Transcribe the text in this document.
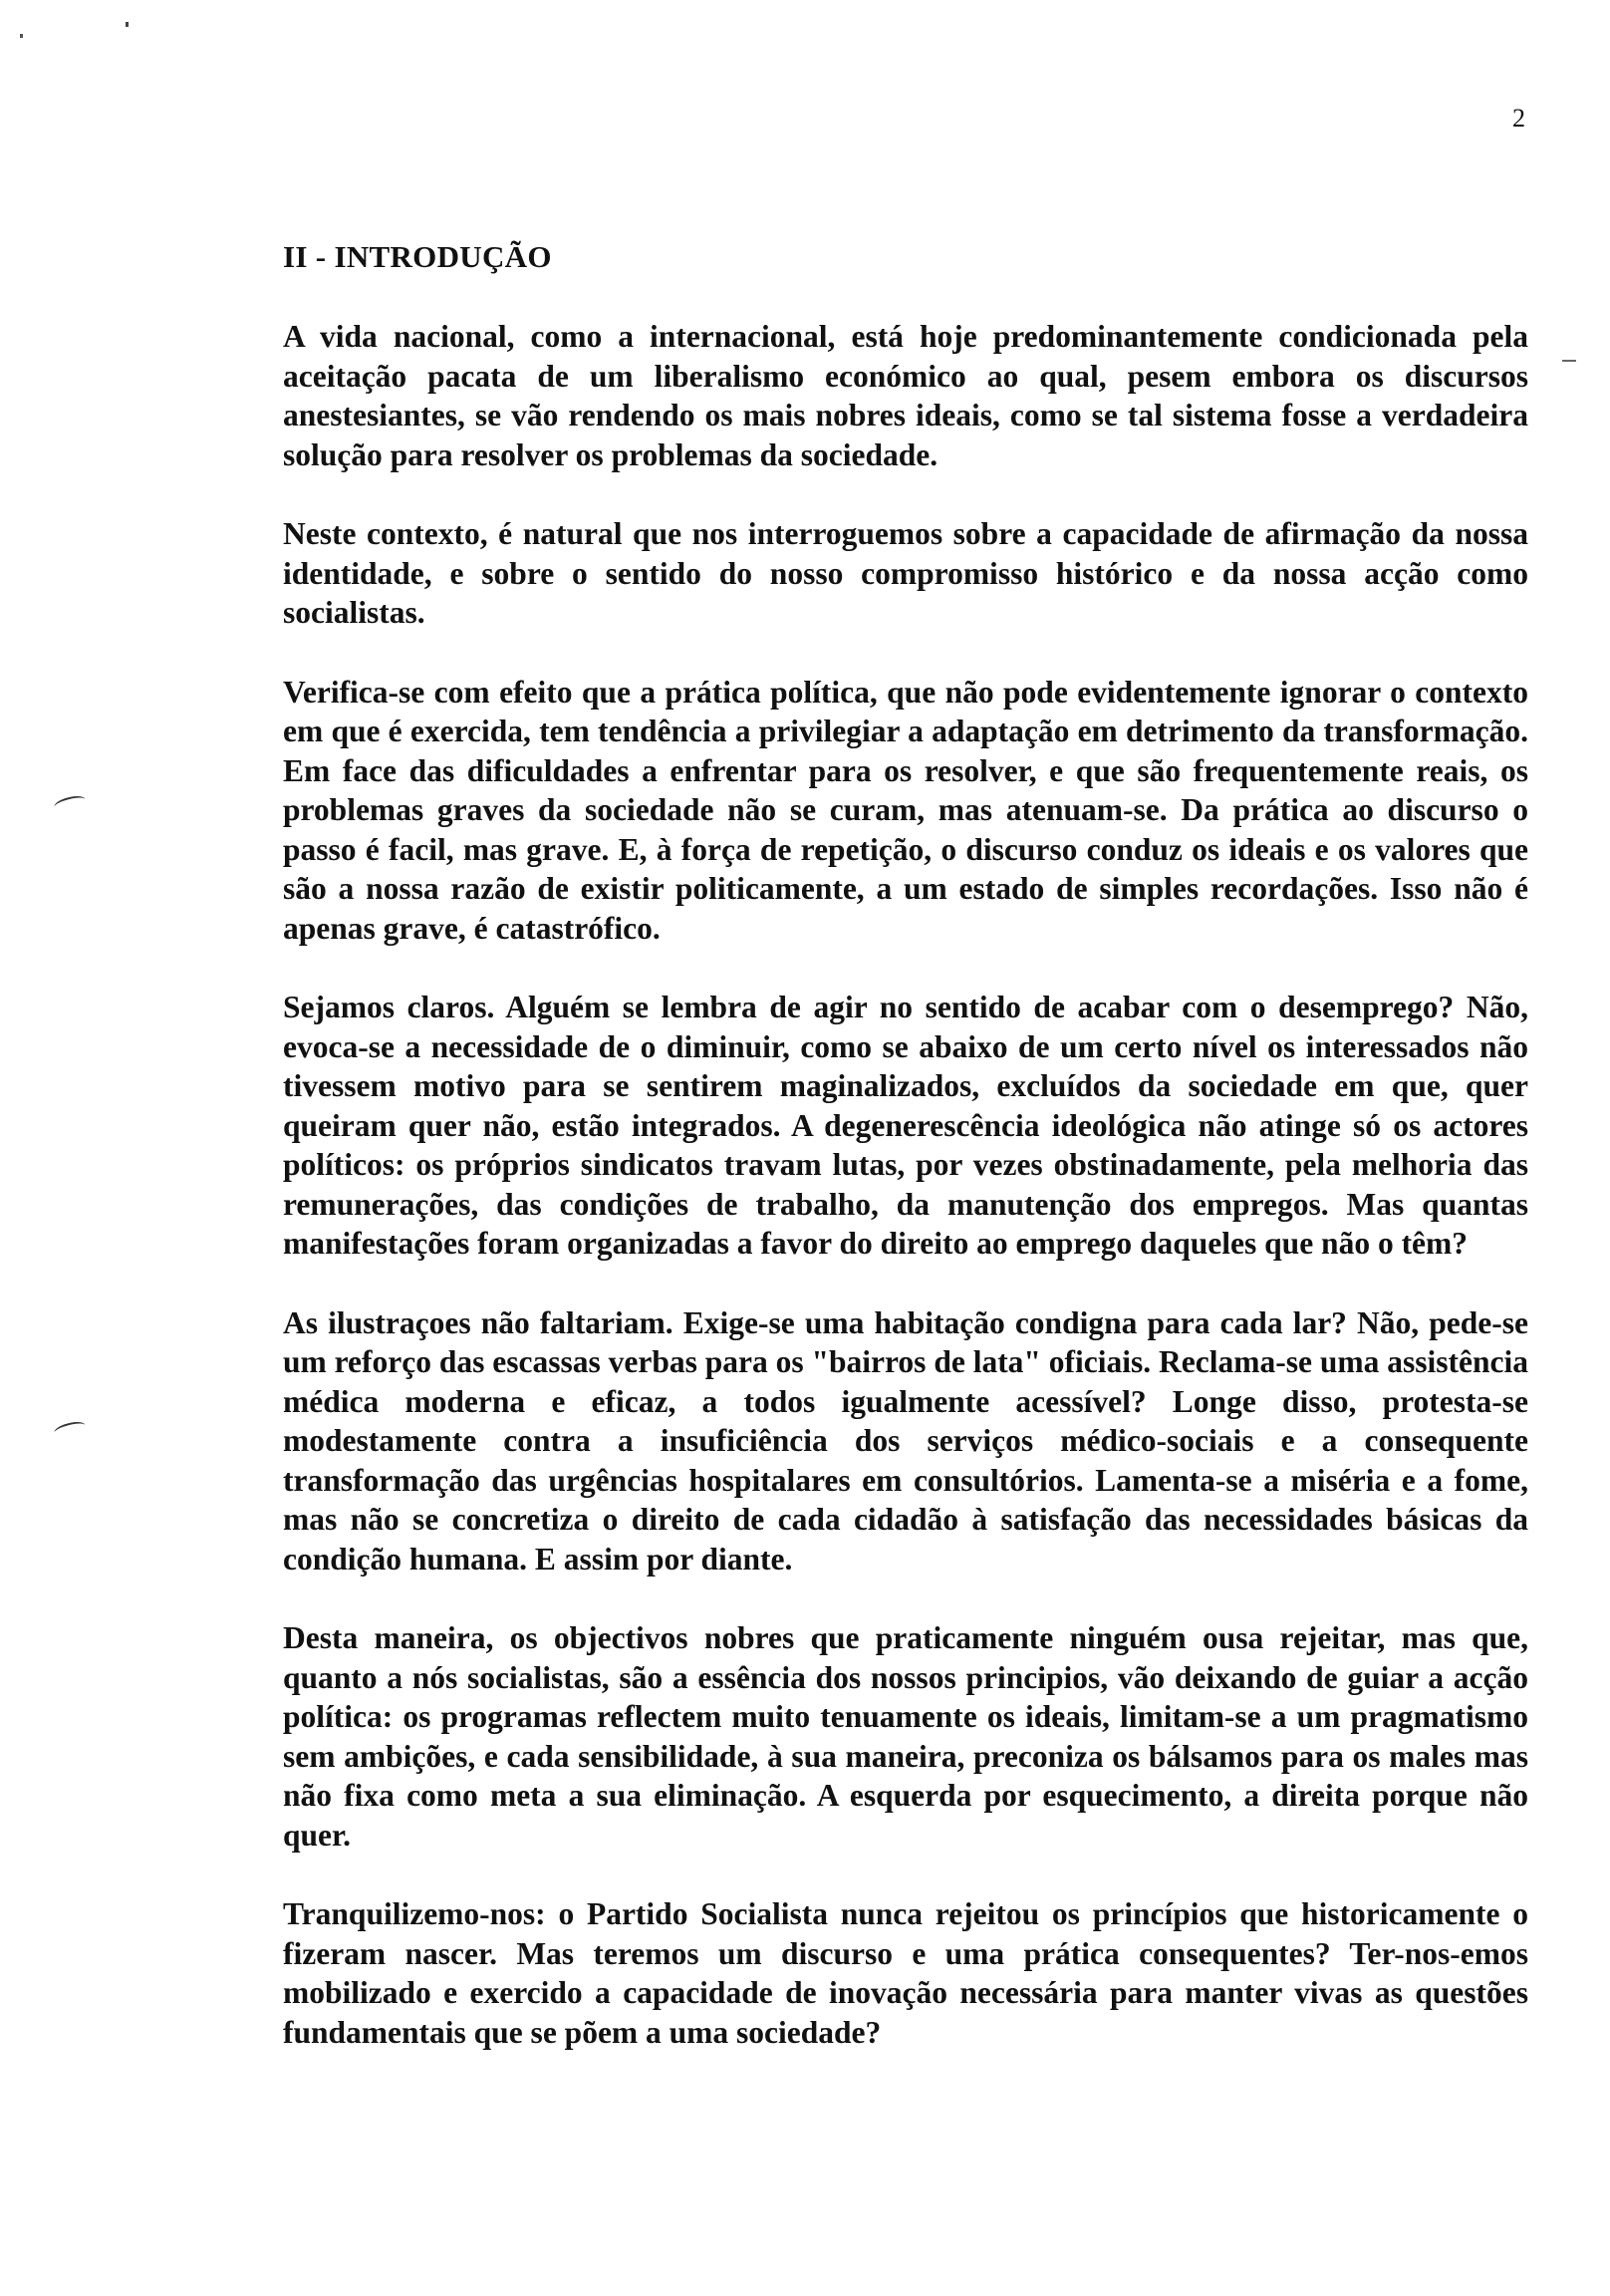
2
II - INTRODUÇÃO

A vida nacional, como a internacional, está hoje predominantemente condicionada pela aceitação pacata de um liberalismo económico ao qual, pesem embora os discursos anestesiantes, se vão rendendo os mais nobres ideais, como se tal sistema fosse a verdadeira solução para resolver os problemas da sociedade.

Neste contexto, é natural que nos interroguemos sobre a capacidade de afirmação da nossa identidade, e sobre o sentido do nosso compromisso histórico e da nossa acção como socialistas.

Verifica-se com efeito que a prática política, que não pode evidentemente ignorar o contexto em que é exercida, tem tendência a privilegiar a adaptação em detrimento da transformação. Em face das dificuldades a enfrentar para os resolver, e que são frequentemente reais, os problemas graves da sociedade não se curam, mas atenuam-se. Da prática ao discurso o passo é facil, mas grave. E, à força de repetição, o discurso conduz os ideais e os valores que são a nossa razão de existir politicamente, a um estado de simples recordações. Isso não é apenas grave, é catastrófico.

Sejamos claros. Alguém se lembra de agir no sentido de acabar com o desemprego? Não, evoca-se a necessidade de o diminuir, como se abaixo de um certo nível os interessados não tivessem motivo para se sentirem maginalizados, excluídos da sociedade em que, quer queiram quer não, estão integrados. A degenerescência ideológica não atinge só os actores políticos: os próprios sindicatos travam lutas, por vezes obstinadamente, pela melhoria das remunerações, das condições de trabalho, da manutenção dos empregos. Mas quantas manifestações foram organizadas a favor do direito ao emprego daqueles que não o têm?

As ilustraçoes não faltariam. Exige-se uma habitação condigna para cada lar? Não, pede-se um reforço das escassas verbas para os "bairros de lata" oficiais. Reclama-se uma assistência médica moderna e eficaz, a todos igualmente acessível? Longe disso, protesta-se modestamente contra a insuficiência dos serviços médico-sociais e a consequente transformação das urgências hospitalares em consultórios. Lamenta-se a miséria e a fome, mas não se concretiza o direito de cada cidadão à satisfação das necessidades básicas da condição humana. E assim por diante.

Desta maneira, os objectivos nobres que praticamente ninguém ousa rejeitar, mas que, quanto a nós socialistas, são a essência dos nossos principios, vão deixando de guiar a acção política: os programas reflectem muito tenuamente os ideais, limitam-se a um pragmatismo sem ambições, e cada sensibilidade, à sua maneira, preconiza os bálsamos para os males mas não fixa como meta a sua eliminação. A esquerda por esquecimento, a direita porque não quer.

Tranquilizemo-nos: o Partido Socialista nunca rejeitou os princípios que historicamente o fizeram nascer. Mas teremos um discurso e uma prática consequentes? Ter-nos-emos mobilizado e exercido a capacidade de inovação necessária para manter vivas as questões fundamentais que se põem a uma sociedade?
